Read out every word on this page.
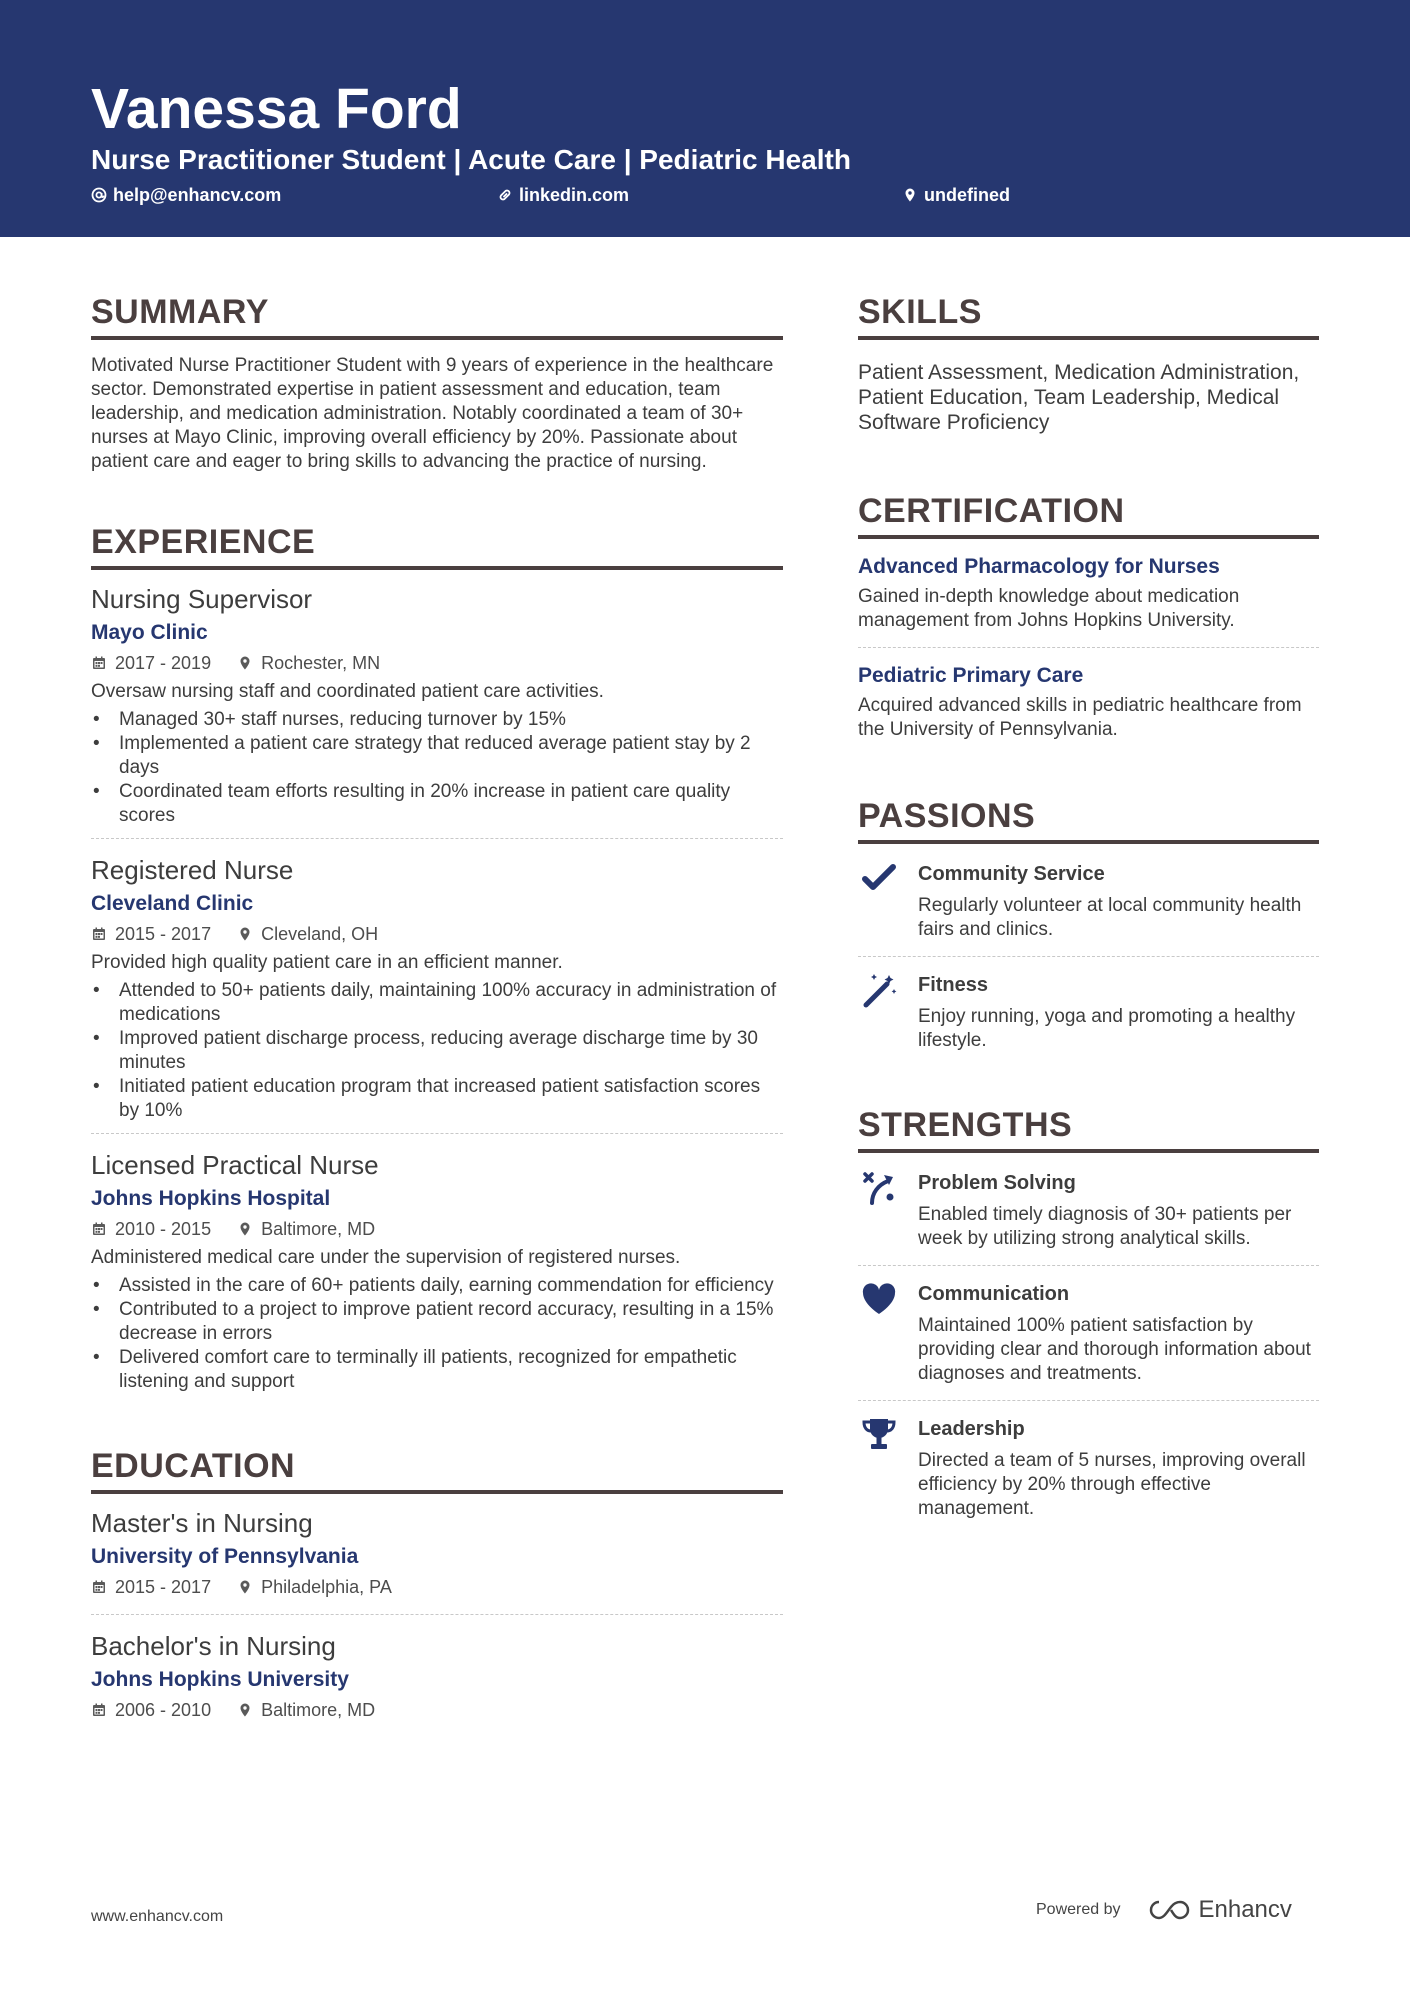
Vanessa Ford
Nurse Practitioner Student | Acute Care | Pediatric Health
help@enhancv.com	linkedin.com	undefined
SUMMARY

Motivated Nurse Practitioner Student with 9 years of experience in the healthcare sector. Demonstrated expertise in patient assessment and education, team leadership, and medication administration. Notably coordinated a team of 30+ nurses at Mayo Clinic, improving overall efficiency by 20%. Passionate about patient care and eager to bring skills to advancing the practice of nursing.

EXPERIENCE
Nursing Supervisor
Mayo Clinic
2017 - 2019	Rochester, MN
Oversaw nursing staff and coordinated patient care activities.
• Managed 30+ staff nurses, reducing turnover by 15%
• Implemented a patient care strategy that reduced average patient stay by 2 days
• Coordinated team efforts resulting in 20% increase in patient care quality scores
Registered Nurse
Cleveland Clinic
2015 - 2017	Cleveland, OH
Provided high quality patient care in an efficient manner.
• Attended to 50+ patients daily, maintaining 100% accuracy in administration of medications
• Improved patient discharge process, reducing average discharge time by 30 minutes
• Initiated patient education program that increased patient satisfaction scores by 10%
Licensed Practical Nurse
Johns Hopkins Hospital
2010 - 2015	Baltimore, MD
Administered medical care under the supervision of registered nurses.
• Assisted in the care of 60+ patients daily, earning commendation for efficiency
• Contributed to a project to improve patient record accuracy, resulting in a 15% decrease in errors
• Delivered comfort care to terminally ill patients, recognized for empathetic listening and support
EDUCATION
Master's in Nursing
University of Pennsylvania
2015 - 2017	Philadelphia, PA
Bachelor's in Nursing
Johns Hopkins University
2006 - 2010	Baltimore, MD
SKILLS

Patient Assessment, Medication Administration, Patient Education, Team Leadership, Medical Software Proficiency

CERTIFICATION
Advanced Pharmacology for Nurses
Gained in-depth knowledge about medication management from Johns Hopkins University.
Pediatric Primary Care
Acquired advanced skills in pediatric healthcare from the University of Pennsylvania.
PASSIONS
Community Service
Regularly volunteer at local community health fairs and clinics.
Fitness
Enjoy running, yoga and promoting a healthy lifestyle.
STRENGTHS
Problem Solving
Enabled timely diagnosis of 30+ patients per week by utilizing strong analytical skills.
Communication
Maintained 100% patient satisfaction by providing clear and thorough information about diagnoses and treatments.
Leadership
Directed a team of 5 nurses, improving overall efficiency by 20% through effective management.
www.enhancv.com	Powered by	Enhancv
